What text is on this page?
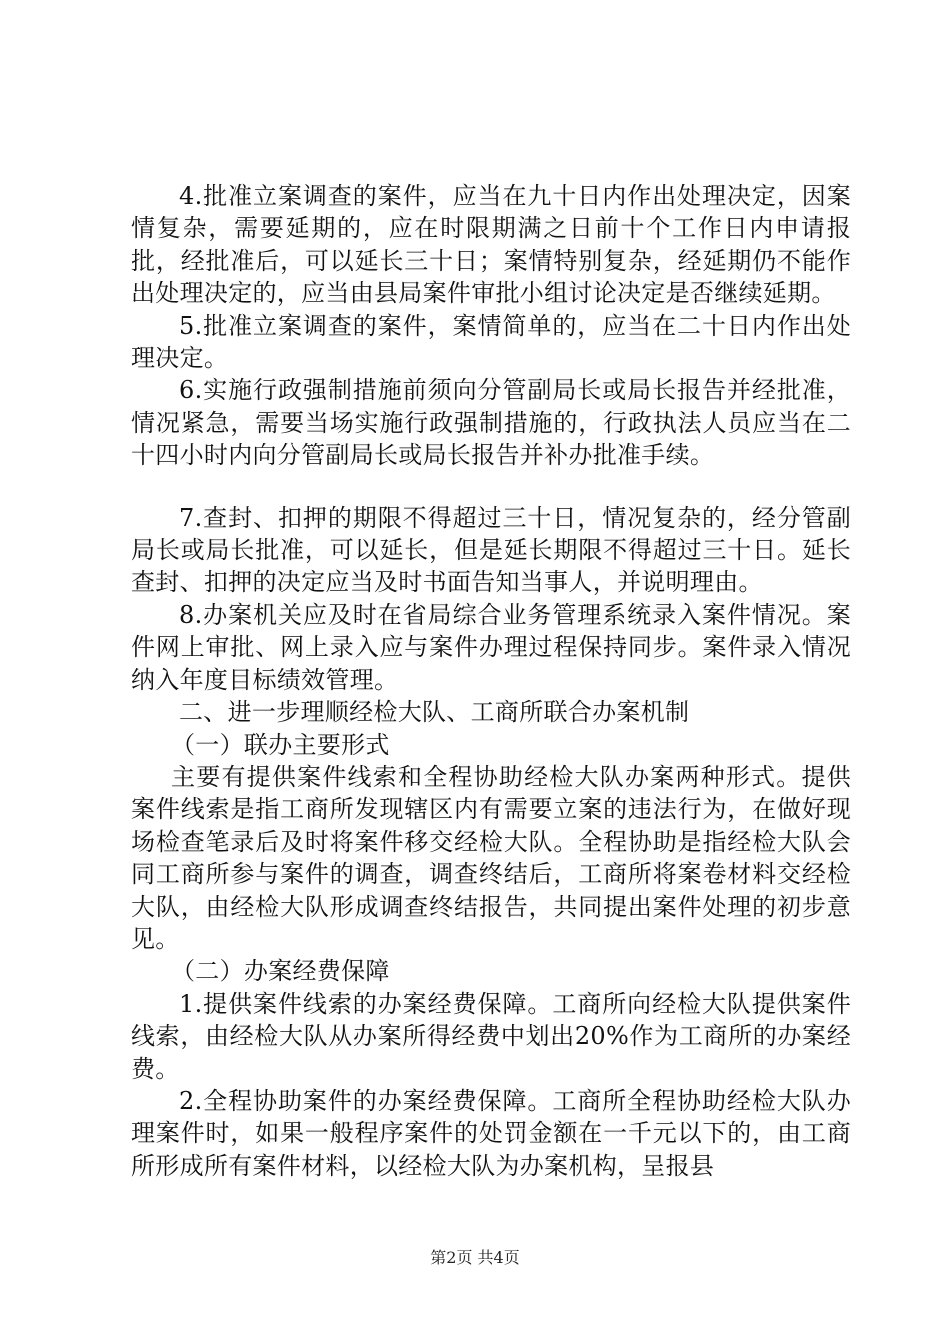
4.批准立案调查的案件，应当在九十日内作出处理决定，因案情复杂，需要延期的，应在时限期满之日前十个工作日内申请报批，经批准后，可以延长三十日；案情特别复杂，经延期仍不能作出处理决定的，应当由县局案件审批小组讨论决定是否继续延期。

5.批准立案调查的案件，案情简单的，应当在二十日内作出处理决定。

6.实施行政强制措施前须向分管副局长或局长报告并经批准，情况紧急，需要当场实施行政强制措施的，行政执法人员应当在二十四小时内向分管副局长或局长报告并补办批准手续。

7.查封、扣押的期限不得超过三十日，情况复杂的，经分管副局长或局长批准，可以延长，但是延长期限不得超过三十日。延长查封、扣押的决定应当及时书面告知当事人，并说明理由。

8.办案机关应及时在省局综合业务管理系统录入案件情况。案件网上审批、网上录入应与案件办理过程保持同步。案件录入情况纳入年度目标绩效管理。

二、进一步理顺经检大队、工商所联合办案机制

（一）联办主要形式

主要有提供案件线索和全程协助经检大队办案两种形式。提供案件线索是指工商所发现辖区内有需要立案的违法行为，在做好现场检查笔录后及时将案件移交经检大队。全程协助是指经检大队会同工商所参与案件的调查，调查终结后，工商所将案卷材料交经检大队，由经检大队形成调查终结报告，共同提出案件处理的初步意见。

（二）办案经费保障

1.提供案件线索的办案经费保障。工商所向经检大队提供案件线索，由经检大队从办案所得经费中划出20%作为工商所的办案经费。

2.全程协助案件的办案经费保障。工商所全程协助经检大队办理案件时，如果一般程序案件的处罚金额在一千元以下的，由工商所形成所有案件材料，以经检大队为办案机构，呈报县

第2页 共4页
